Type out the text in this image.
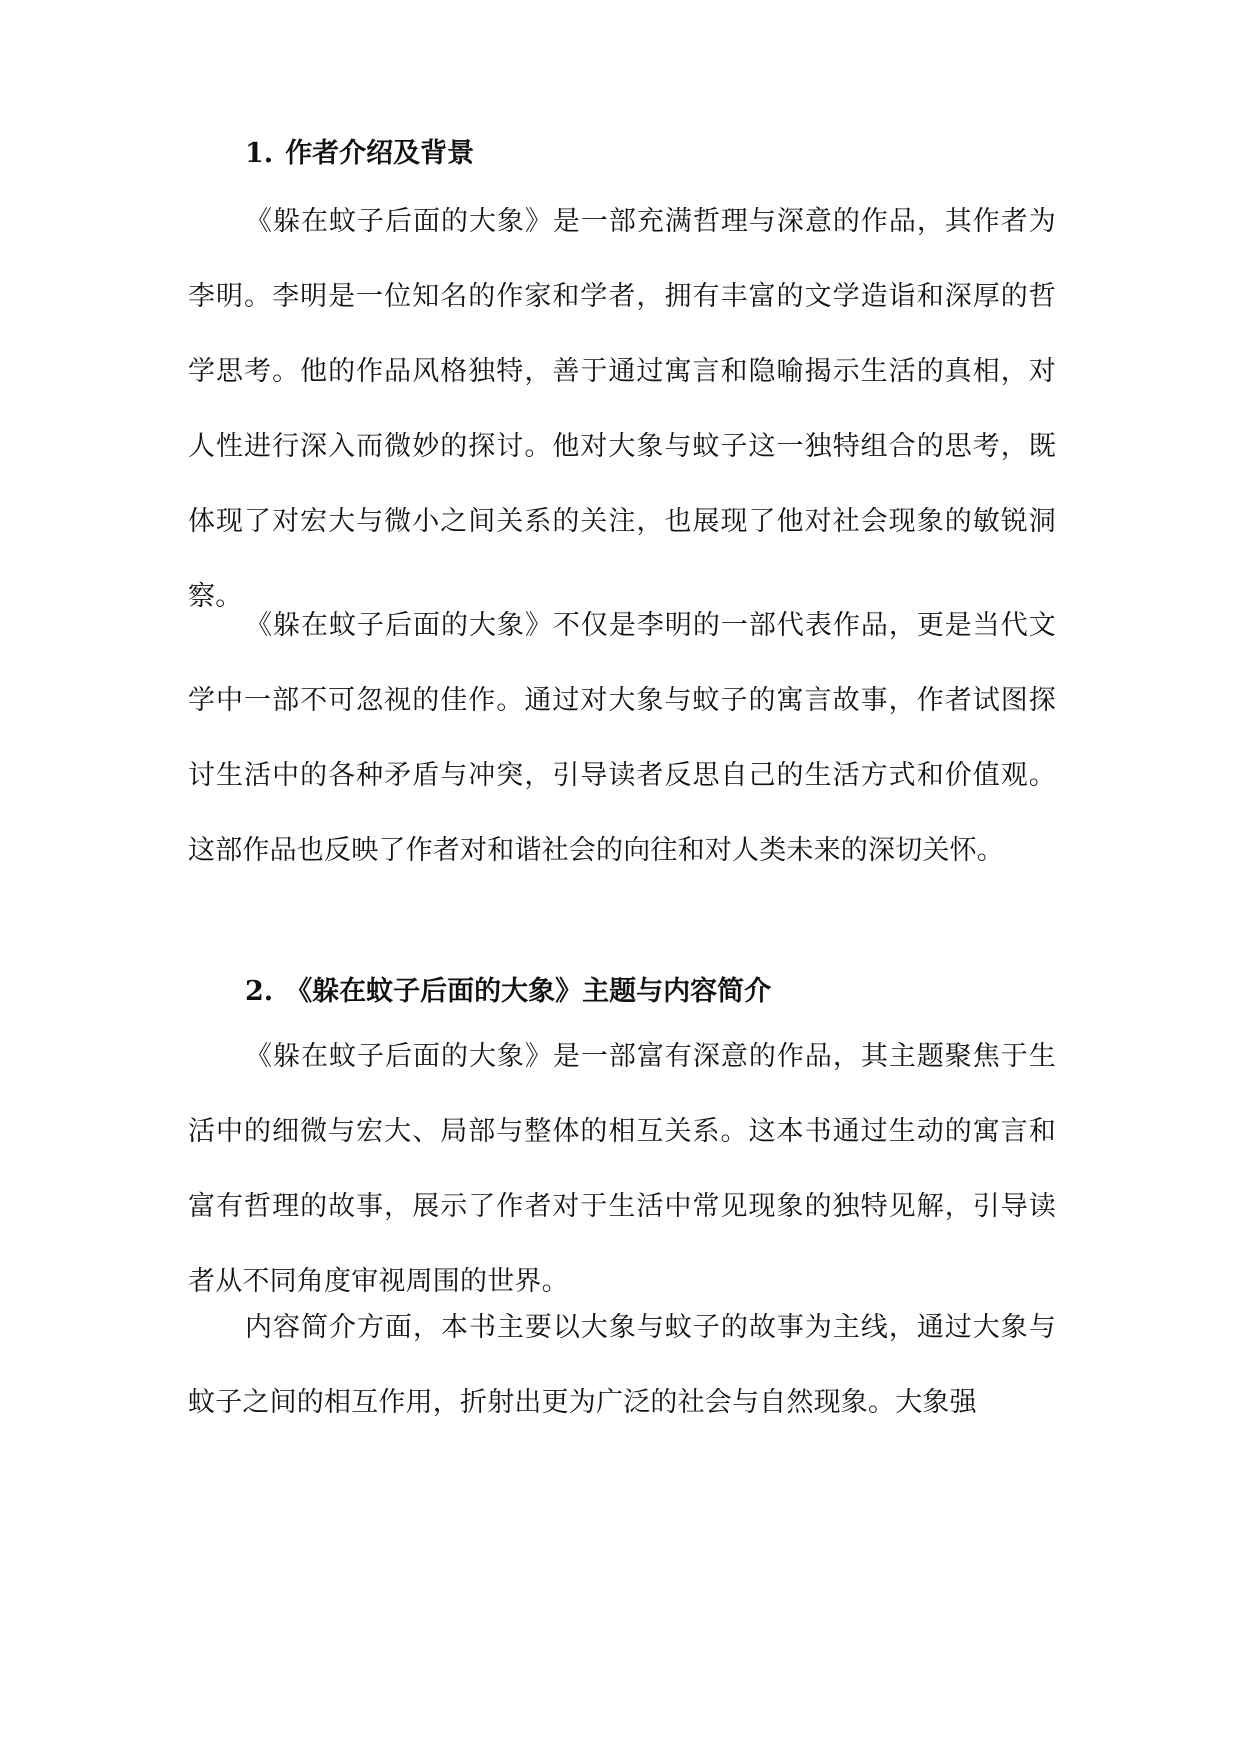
1. 作者介绍及背景

《躲在蚊子后面的大象》是一部充满哲理与深意的作品，其作者为李明。李明是一位知名的作家和学者，拥有丰富的文学造诣和深厚的哲学思考。他的作品风格独特，善于通过寓言和隐喻揭示生活的真相，对人性进行深入而微妙的探讨。他对大象与蚊子这一独特组合的思考，既体现了对宏大与微小之间关系的关注，也展现了他对社会现象的敏锐洞察。

《躲在蚊子后面的大象》不仅是李明的一部代表作品，更是当代文学中一部不可忽视的佳作。通过对大象与蚊子的寓言故事，作者试图探讨生活中的各种矛盾与冲突，引导读者反思自己的生活方式和价值观。这部作品也反映了作者对和谐社会的向往和对人类未来的深切关怀。

2. 《躲在蚊子后面的大象》主题与内容简介

《躲在蚊子后面的大象》是一部富有深意的作品，其主题聚焦于生活中的细微与宏大、局部与整体的相互关系。这本书通过生动的寓言和富有哲理的故事，展示了作者对于生活中常见现象的独特见解，引导读者从不同角度审视周围的世界。

内容简介方面，本书主要以大象与蚊子的故事为主线，通过大象与蚊子之间的相互作用，折射出更为广泛的社会与自然现象。大象强
